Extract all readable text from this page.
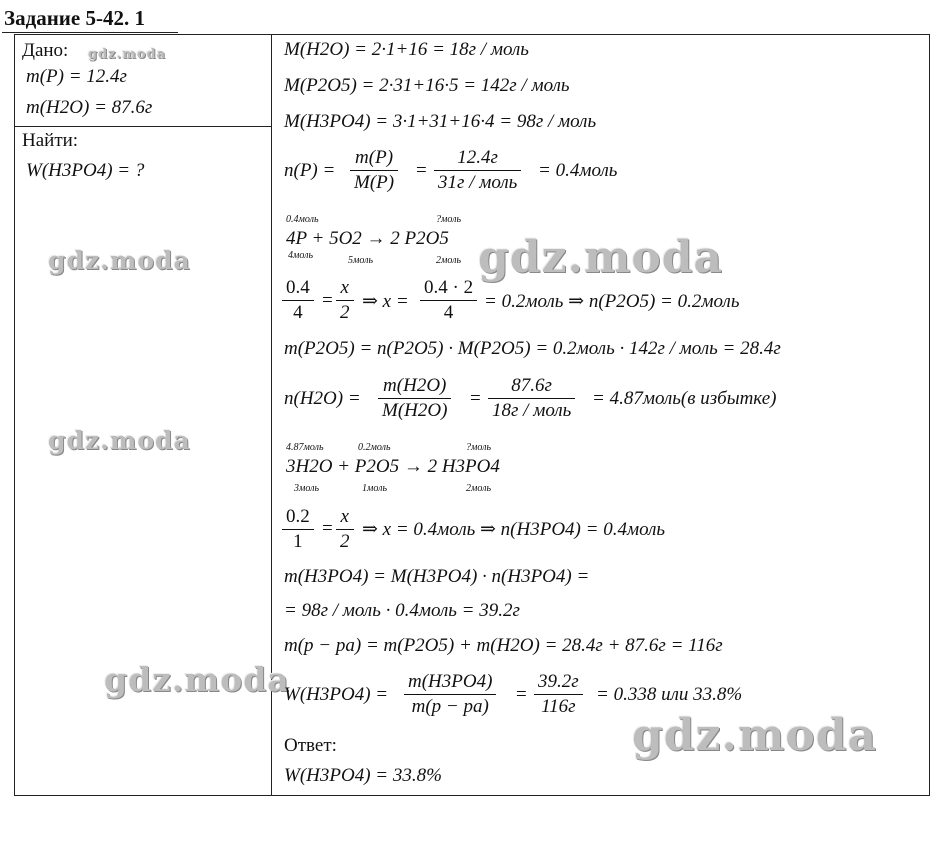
Задание 5-42. 1
Дано: gdz.moda
m(P) = 12.4г
m(H2O) = 87.6г
Найти:
W(H3PO4) = ?
gdz.moda
gdz.moda
gdz.moda
M(H2O) = 2·1+16 = 18г / моль
M(P2O5) = 2·31+16·5 = 142г / моль
M(H3PO4) = 3·1+31+16·4 = 98г / моль
$n(P) = \frac{m(P)}{M(P)}$ =
12.4г
31г / моль
= 0.4моль
0.4моль	?моль
4P + 5O2 → 2 P2O5
4моль	5моль	2моль gdz.moda
$\frac{0.4}{4} = \frac{x}{2}$ ⇒ $x = \frac{0.4 \cdot 2}{4}$ = 0.2моль ⇒ n(P2O5) = 0.2моль
m(P2O5) = n(P2O5) · M(P2O5) = 0.2моль · 142г / моль = 28.4г
$n(H2O) = \frac{m(H2O)}{M(H2O)}$ =
87.6г
18г / моль
= 4.87моль(в избытке)
4.87моль	0.2моль	?моль
3H2O + P2O5 → 2 H3PO4
3моль	1моль	2моль
$\frac{0.2}{1} = \frac{x}{2}$ ⇒ x = 0.4моль ⇒ n(H3PO4) = 0.4моль
m(H3PO4) = M(H3PO4) · n(H3PO4) =
= 98г / моль · 0.4моль = 39.2г
m(p − pa) = m(P2O5) + m(H2O) = 28.4г + 87.6г = 116г
$W(H3PO4) = \frac{m(H3PO4)}{m(p - pa)}$ =
39.2г
116г
= 0.338 или 33.8%
gdz.moda
Ответ:
W(H3PO4) = 33.8%
